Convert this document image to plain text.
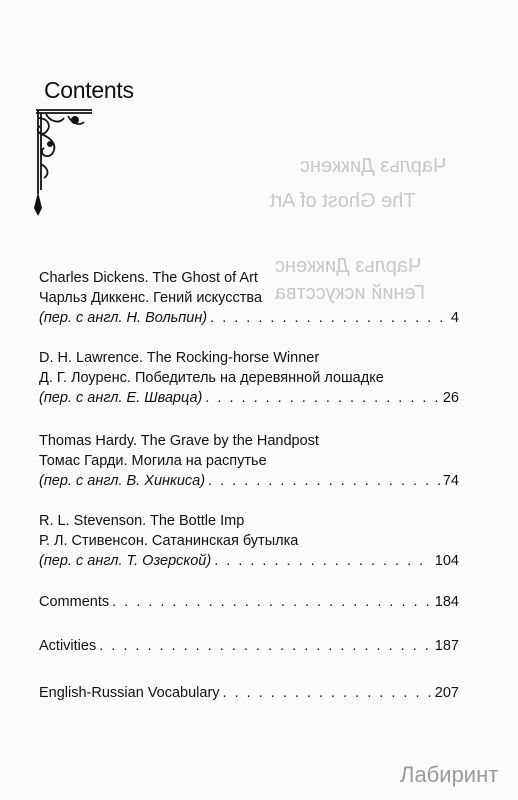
Чарльз Диккенс
The Ghost of Art
Чарльз Диккенс
Гений искусства
Contents
Charles Dickens. The Ghost of Art
Чарльз Диккенс. Гений искусства
(пер. с англ. Н. Вольпин) . . .	4
D. H. Lawrence. The Rocking-horse Winner
Д. Г. Лоуренс. Победитель на деревянной лошадке
(пер. с англ. Е. Шварца) . . .	26
Thomas Hardy. The Grave by the Handpost
Томас Гарди. Могила на распутье
(пер. с англ. В. Хинкиса) . . .	74
R. L. Stevenson. The Bottle Imp
Р. Л. Стивенсон. Сатанинская бутылка
(пер. с англ. Т. Озерской) . . .	104
Comments . . .	184
Activities . . .	187
English-Russian Vocabulary . . .	207
Лабиринт
